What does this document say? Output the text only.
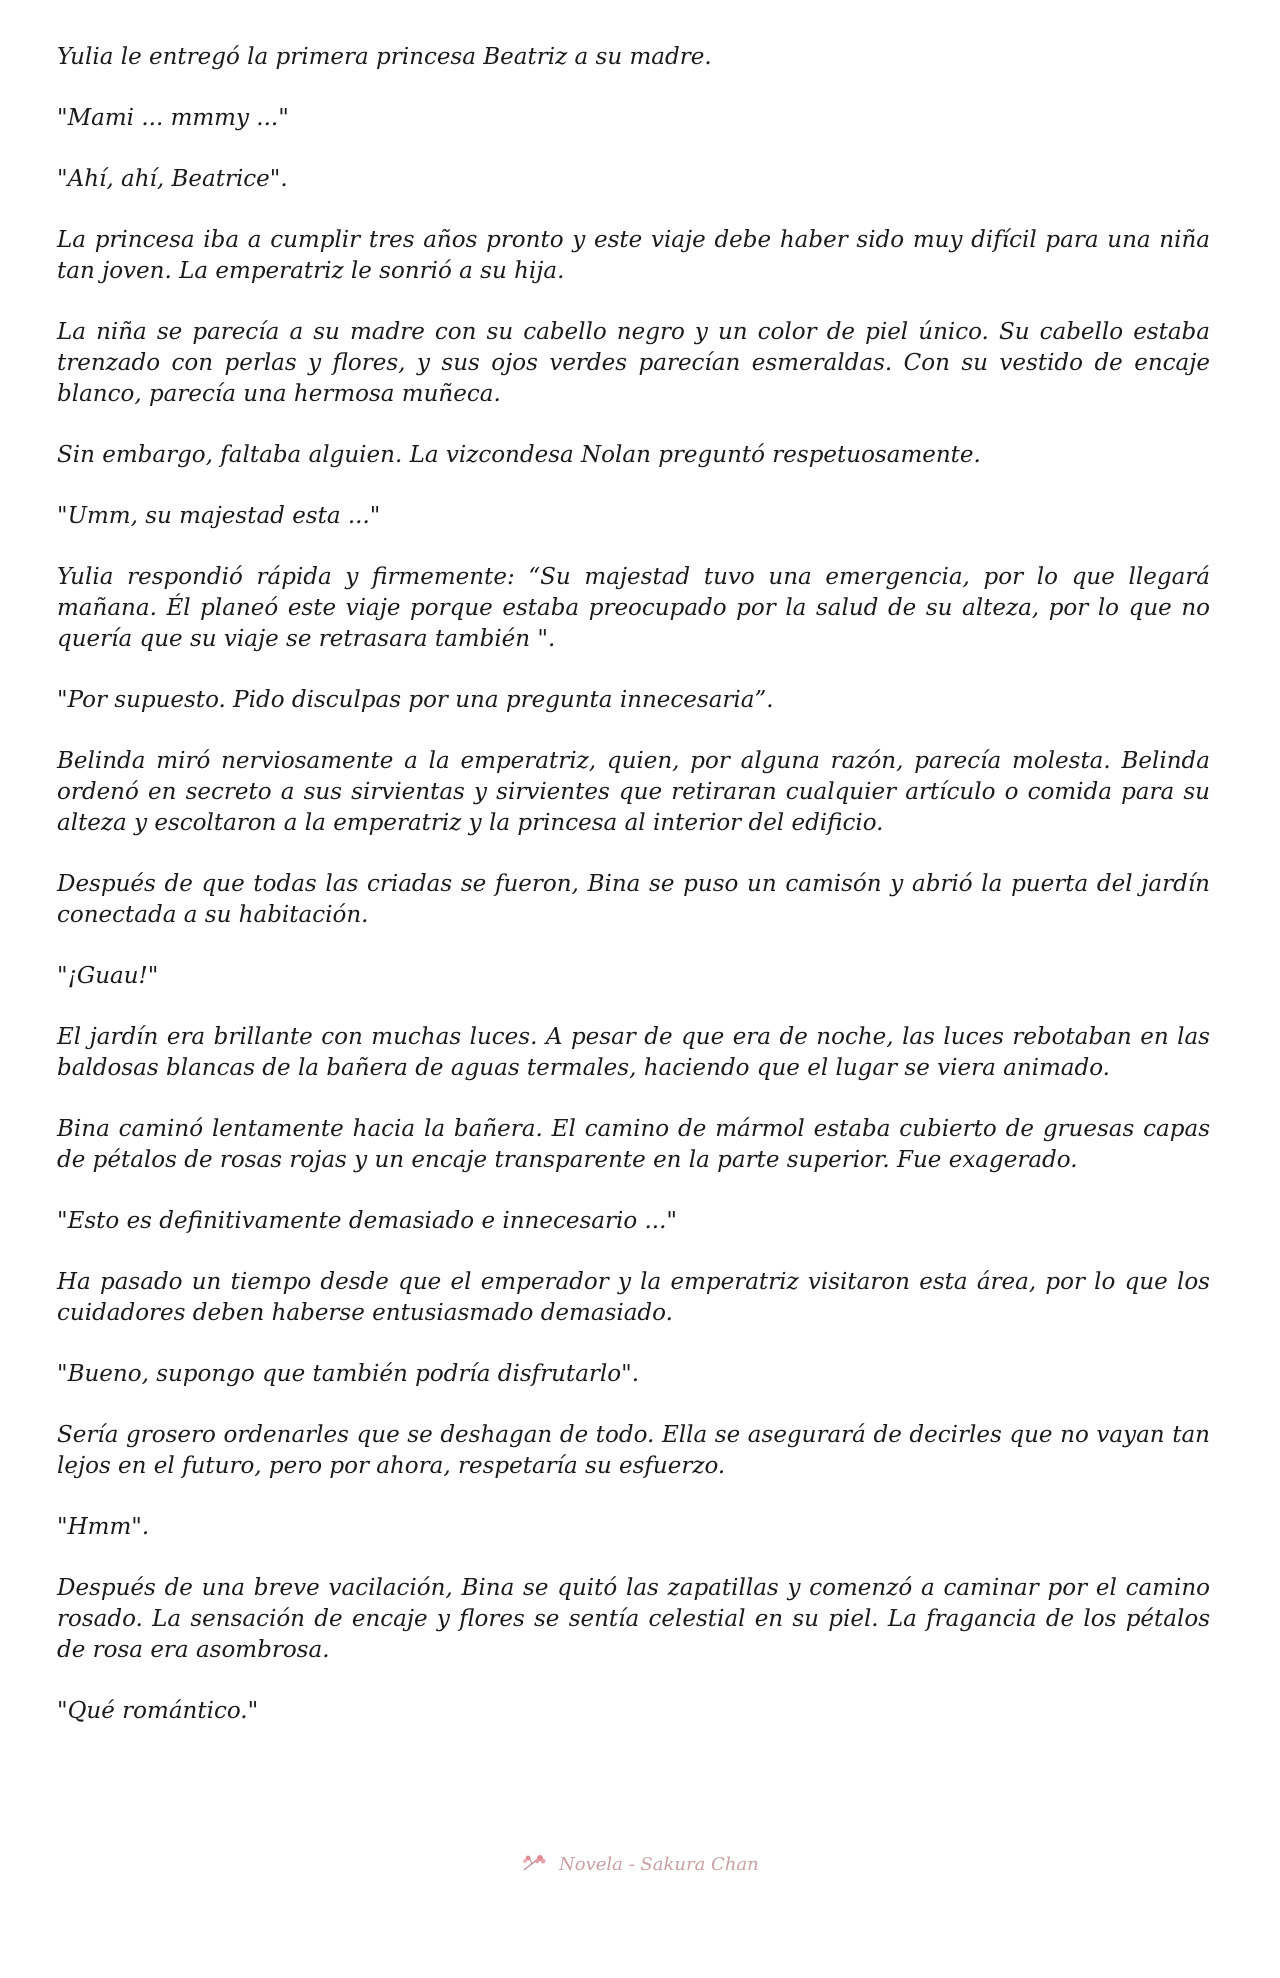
Yulia le entregó la primera princesa Beatriz a su madre.

"Mami ... mmmy ..."

"Ahí, ahí, Beatrice".

La princesa iba a cumplir tres años pronto y este viaje debe haber sido muy difícil para una niña tan joven. La emperatriz le sonrió a su hija.

La niña se parecía a su madre con su cabello negro y un color de piel único. Su cabello estaba trenzado con perlas y flores, y sus ojos verdes parecían esmeraldas. Con su vestido de encaje blanco, parecía una hermosa muñeca.

Sin embargo, faltaba alguien. La vizcondesa Nolan preguntó respetuosamente.

"Umm, su majestad esta ..."

Yulia respondió rápida y firmemente: “Su majestad tuvo una emergencia, por lo que llegará mañana. Él planeó este viaje porque estaba preocupado por la salud de su alteza, por lo que no quería que su viaje se retrasara también ".

"Por supuesto. Pido disculpas por una pregunta innecesaria”.

Belinda miró nerviosamente a la emperatriz, quien, por alguna razón, parecía molesta. Belinda ordenó en secreto a sus sirvientas y sirvientes que retiraran cualquier artículo o comida para su alteza y escoltaron a la emperatriz y la princesa al interior del edificio.

Después de que todas las criadas se fueron, Bina se puso un camisón y abrió la puerta del jardín conectada a su habitación.

"¡Guau!"

El jardín era brillante con muchas luces. A pesar de que era de noche, las luces rebotaban en las baldosas blancas de la bañera de aguas termales, haciendo que el lugar se viera animado.

Bina caminó lentamente hacia la bañera. El camino de mármol estaba cubierto de gruesas capas de pétalos de rosas rojas y un encaje transparente en la parte superior. Fue exagerado.

"Esto es definitivamente demasiado e innecesario ..."

Ha pasado un tiempo desde que el emperador y la emperatriz visitaron esta área, por lo que los cuidadores deben haberse entusiasmado demasiado.

"Bueno, supongo que también podría disfrutarlo".

Sería grosero ordenarles que se deshagan de todo. Ella se asegurará de decirles que no vayan tan lejos en el futuro, pero por ahora, respetaría su esfuerzo.

"Hmm".

Después de una breve vacilación, Bina se quitó las zapatillas y comenzó a caminar por el camino rosado. La sensación de encaje y flores se sentía celestial en su piel. La fragancia de los pétalos de rosa era asombrosa.

"Qué romántico."

Novela - Sakura Chan
